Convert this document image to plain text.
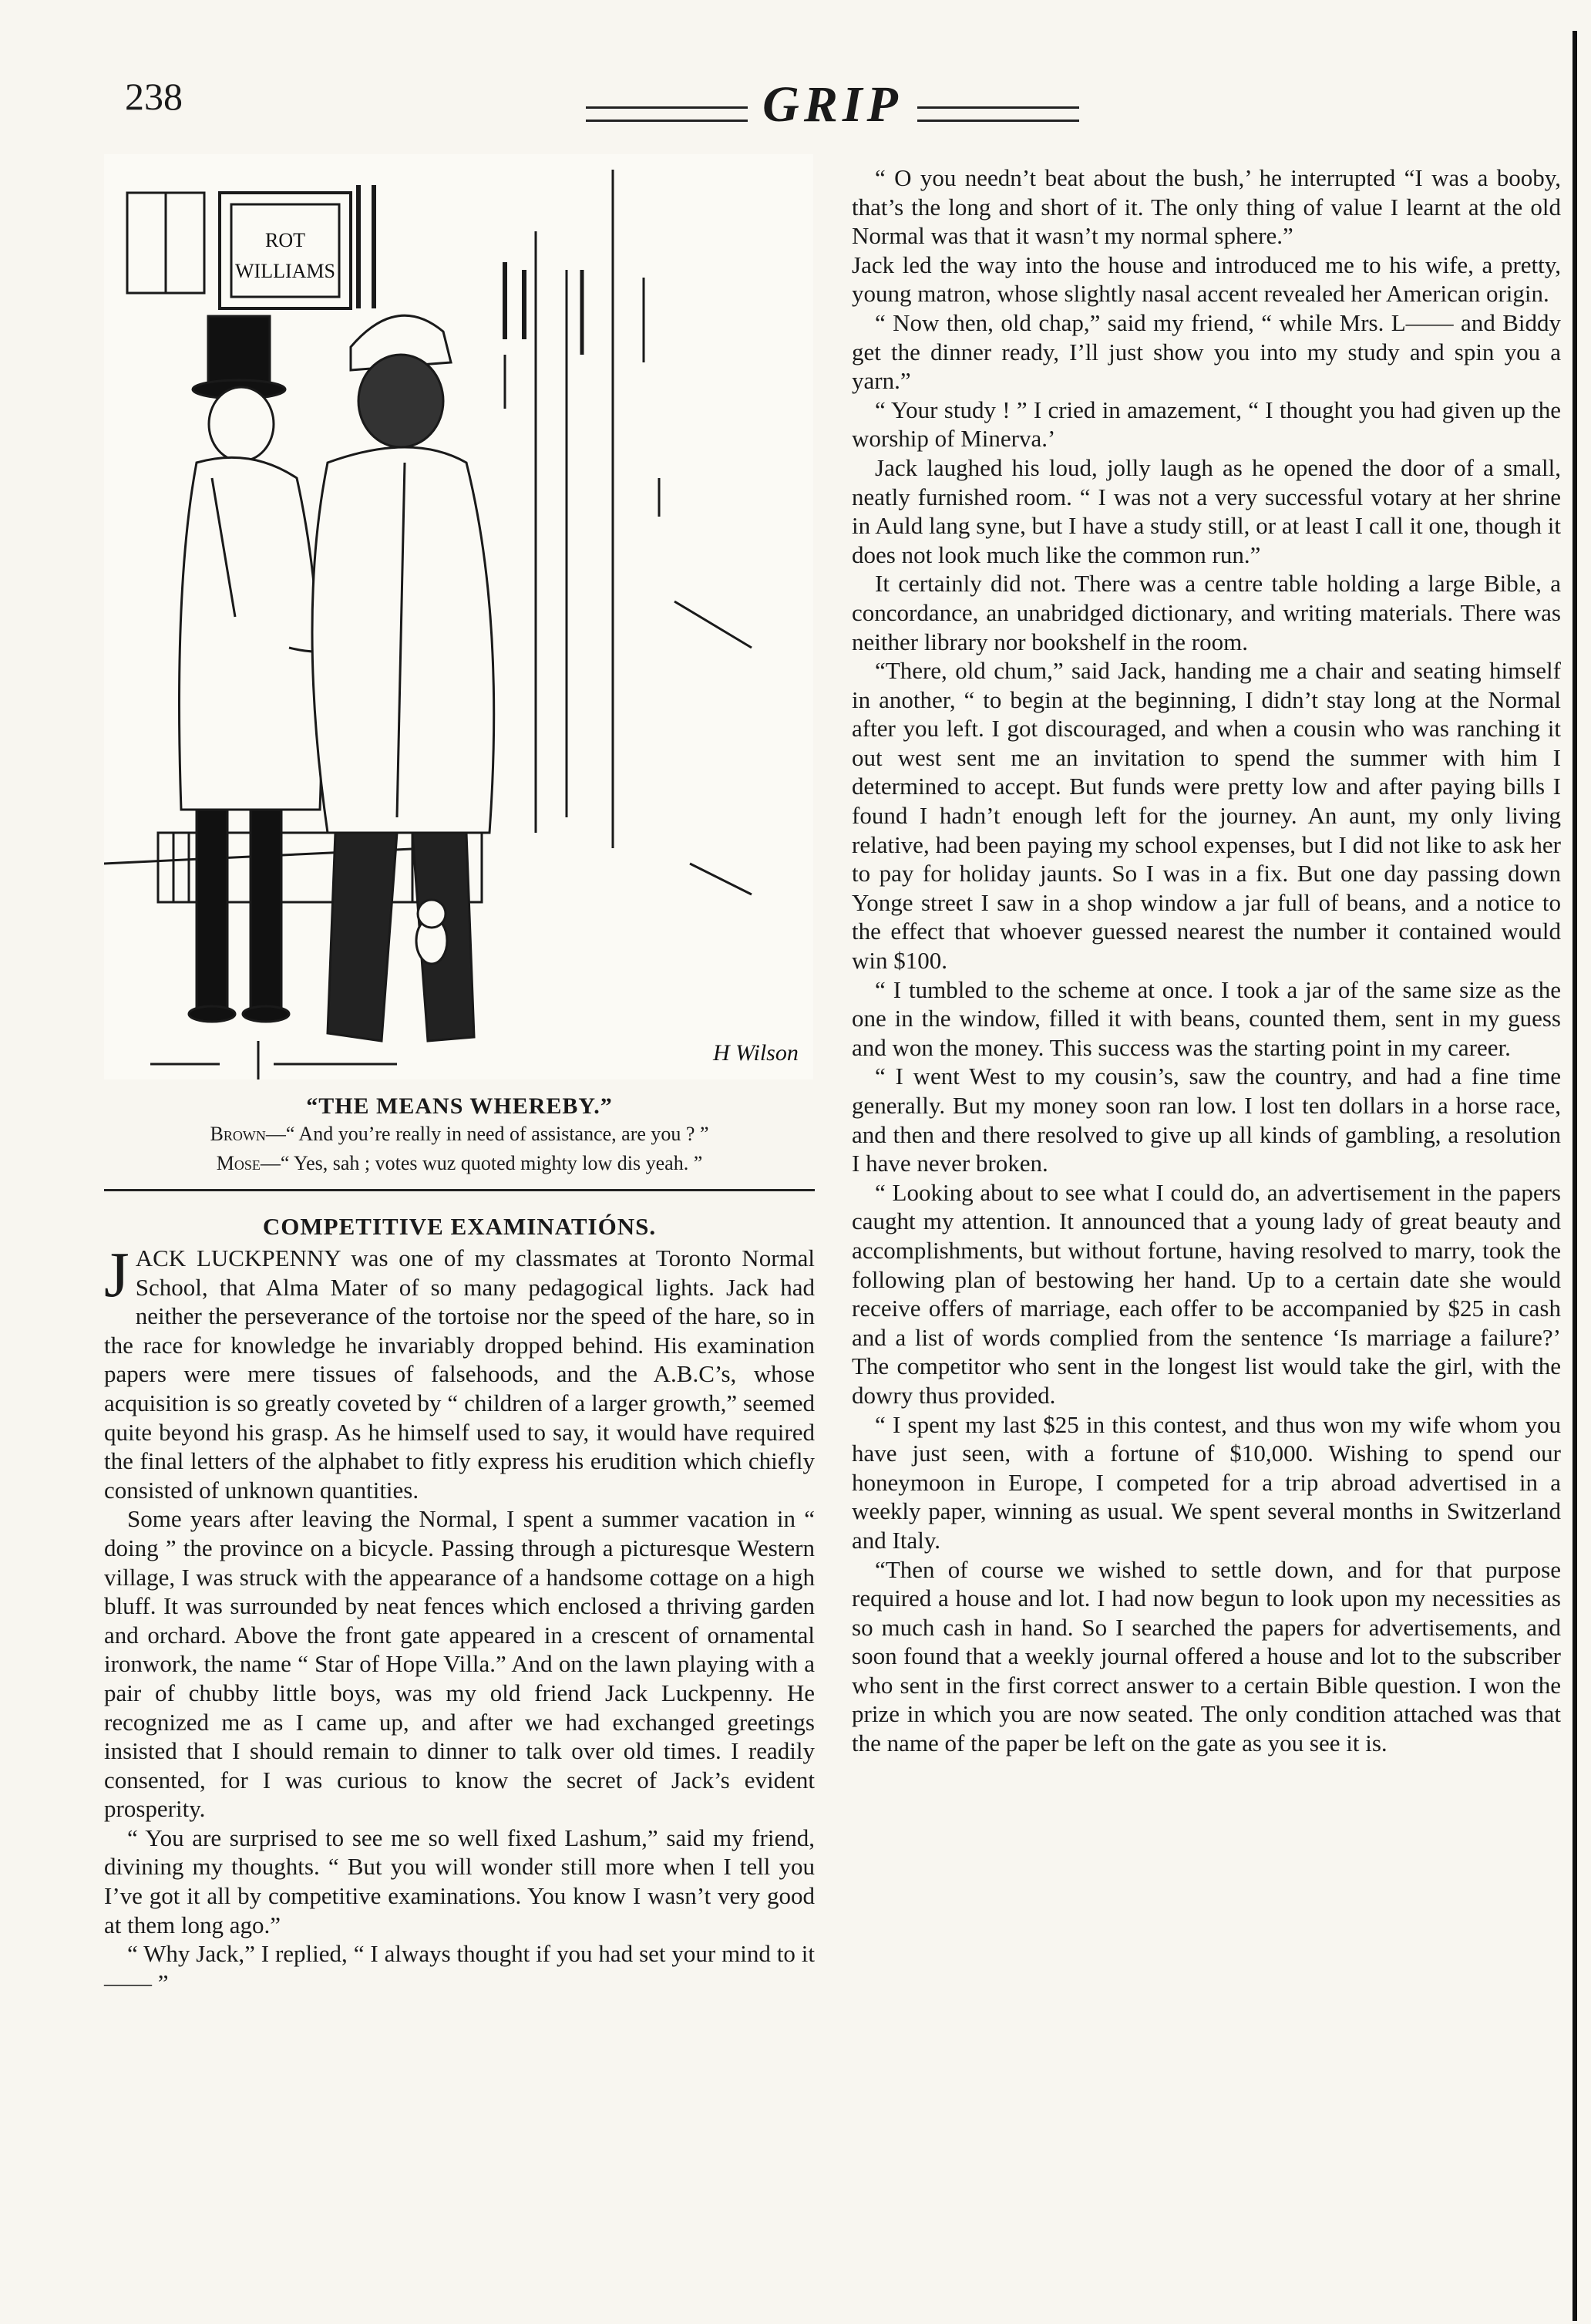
238	GRIP
ROT
WILLIAMS
H Wilson
“THE MEANS WHEREBY.”
Brown—“ And you’re really in need of assistance, are you ? ”
Mose—“ Yes, sah ; votes wuz quoted mighty low dis yeah. ”
COMPETITIVE EXAMINATIÓNS.

JACK LUCKPENNY was one of my classmates at Toronto Normal School, that Alma Mater of so many pedagogical lights. Jack had neither the perseverance of the tortoise nor the speed of the hare, so in the race for knowledge he invariably dropped behind. His examination papers were mere tissues of falsehoods, and the A.B.C’s, whose acquisition is so greatly coveted by “ children of a larger growth,” seemed quite beyond his grasp. As he himself used to say, it would have required the final letters of the alphabet to fitly express his erudition which chiefly consisted of unknown quantities.

Some years after leaving the Normal, I spent a summer vacation in “ doing ” the province on a bicycle. Passing through a picturesque Western village, I was struck with the appearance of a handsome cottage on a high bluff. It was surrounded by neat fences which enclosed a thriving garden and orchard. Above the front gate appeared in a crescent of ornamental ironwork, the name “ Star of Hope Villa.” And on the lawn playing with a pair of chubby little boys, was my old friend Jack Luckpenny. He recognized me as I came up, and after we had exchanged greetings insisted that I should remain to dinner to talk over old times. I readily consented, for I was curious to know the secret of Jack’s evident prosperity.

“ You are surprised to see me so well fixed Lashum,” said my friend, divining my thoughts. “ But you will wonder still more when I tell you I’ve got it all by competitive examinations. You know I wasn’t very good at them long ago.”

“ Why Jack,” I replied, “ I always thought if you had set your mind to it —— ”

“ O you needn’t beat about the bush,’ he interrupted “I was a booby, that’s the long and short of it. The only thing of value I learnt at the old Normal was that it wasn’t my normal sphere.”

Jack led the way into the house and introduced me to his wife, a pretty, young matron, whose slightly nasal accent revealed her American origin.

“ Now then, old chap,” said my friend, “ while Mrs. L—— and Biddy get the dinner ready, I’ll just show you into my study and spin you a yarn.”

“ Your study ! ” I cried in amazement, “ I thought you had given up the worship of Minerva.’

Jack laughed his loud, jolly laugh as he opened the door of a small, neatly furnished room. “ I was not a very successful votary at her shrine in Auld lang syne, but I have a study still, or at least I call it one, though it does not look much like the common run.”

It certainly did not. There was a centre table holding a large Bible, a concordance, an unabridged dictionary, and writing materials. There was neither library nor bookshelf in the room.

“There, old chum,” said Jack, handing me a chair and seating himself in another, “ to begin at the beginning, I didn’t stay long at the Normal after you left. I got discouraged, and when a cousin who was ranching it out west sent me an invitation to spend the summer with him I determined to accept. But funds were pretty low and after paying bills I found I hadn’t enough left for the journey. An aunt, my only living relative, had been paying my school expenses, but I did not like to ask her to pay for holiday jaunts. So I was in a fix. But one day passing down Yonge street I saw in a shop window a jar full of beans, and a notice to the effect that whoever guessed nearest the number it contained would win $100.

“ I tumbled to the scheme at once. I took a jar of the same size as the one in the window, filled it with beans, counted them, sent in my guess and won the money. This success was the starting point in my career.

“ I went West to my cousin’s, saw the country, and had a fine time generally. But my money soon ran low. I lost ten dollars in a horse race, and then and there resolved to give up all kinds of gambling, a resolution I have never broken.

“ Looking about to see what I could do, an advertisement in the papers caught my attention. It announced that a young lady of great beauty and accomplishments, but without fortune, having resolved to marry, took the following plan of bestowing her hand. Up to a certain date she would receive offers of marriage, each offer to be accompanied by $25 in cash and a list of words complied from the sentence ‘Is marriage a failure?’ The competitor who sent in the longest list would take the girl, with the dowry thus provided.

“ I spent my last $25 in this contest, and thus won my wife whom you have just seen, with a fortune of $10,000. Wishing to spend our honeymoon in Europe, I competed for a trip abroad advertised in a weekly paper, winning as usual. We spent several months in Switzerland and Italy.

“Then of course we wished to settle down, and for that purpose required a house and lot. I had now begun to look upon my necessities as so much cash in hand. So I searched the papers for advertisements, and soon found that a weekly journal offered a house and lot to the subscriber who sent in the first correct answer to a certain Bible question. I won the prize in which you are now seated. The only condition attached was that the name of the paper be left on the gate as you see it is.
